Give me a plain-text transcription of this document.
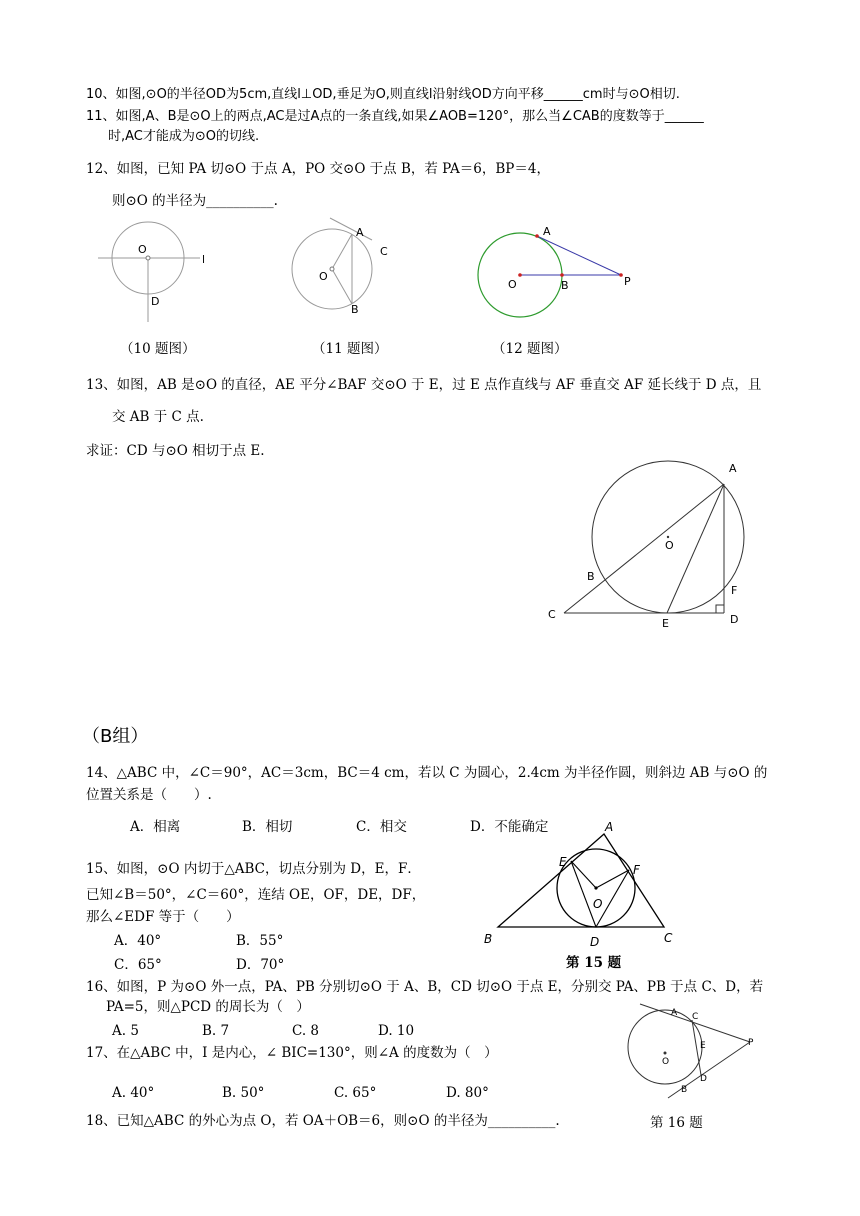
10、如图,⊙O的半径OD为5cm,直线l⊥OD,垂足为O,则直线l沿射线OD方向平移______cm时与⊙O相切.
11、如图,A、B是⊙O上的两点,AC是过A点的一条直线,如果∠AOB=120°，那么当∠CAB的度数等于______
时,AC才能成为⊙O的切线.
12、如图，已知 PA 切⊙O 于点 A，PO 交⊙O 于点 B，若 PA＝6，BP＝4，
则⊙O 的半径为__________.
（10 题图）	（11 题图）	（12 题图）
13、如图，AB 是⊙O 的直径，AE 平分∠BAF 交⊙O 于 E，过 E 点作直线与 AF 垂直交 AF 延长线于 D 点，且
交 AB 于 C 点.
求证：CD 与⊙O 相切于点 E.
（B组）
14、△ABC 中，∠C＝90°，AC＝3cm，BC＝4 cm，若以 C 为圆心，2.4cm 为半径作圆，则斜边 AB 与⊙O 的
位置关系是（　　）.
A．相离	B．相切	C．相交	D．不能确定
15、如图，⊙O 内切于△ABC，切点分别为 D，E，F．
已知∠B＝50°，∠C＝60°，连结 OE，OF，DE，DF，
那么∠EDF 等于（　　）
A．40°	B．55°
C．65°	D．70°
16、如图，P 为⊙O 外一点，PA、PB 分别切⊙O 于 A、B，CD 切⊙O 于点 E，分别交 PA、PB 于点 C、D，若
PA=5，则△PCD 的周长为（　）
A. 5	B. 7	C. 8	D. 10
17、在△ABC 中，I 是内心，∠ BIC=130°，则∠A 的度数为（　）
A. 40°	B. 50°	C. 65°	D. 80°
18、已知△ABC 的外心为点 O，若 OA＋OB＝6，则⊙O 的半径为__________.
第 15 题
第 16 题
O
l
D
A
C
O
B
A
O	B	P
A
O
B
F
C
E	D
A
E
F
O
B	D	C
A C
E
O
D
B
P
